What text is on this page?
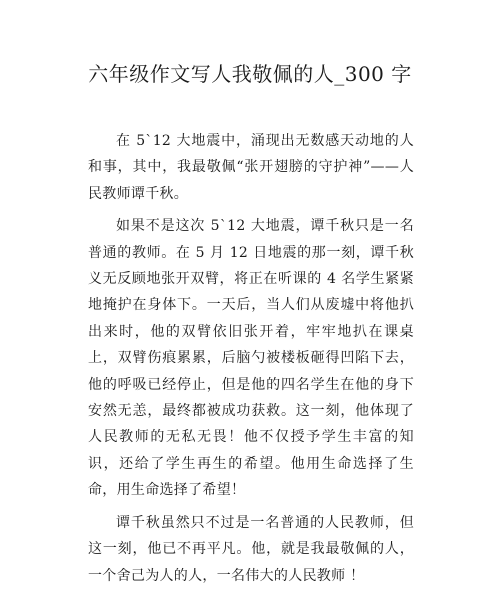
六年级作文写人我敬佩的人_300 字

在 5`12 大地震中，涌现出无数感天动地的人和事，其中，我最敬佩“张开翅膀的守护神”——人民教师谭千秋。

如果不是这次 5`12 大地震，谭千秋只是一名普通的教师。在 5 月 12 日地震的那一刻，谭千秋义无反顾地张开双臂，将正在听课的 4 名学生紧紧地掩护在身体下。一天后，当人们从废墟中将他扒出来时，他的双臂依旧张开着，牢牢地扒在课桌上，双臂伤痕累累，后脑勺被楼板砸得凹陷下去，他的呼吸已经停止，但是他的四名学生在他的身下安然无恙，最终都被成功获救。这一刻，他体现了人民教师的无私无畏！他不仅授予学生丰富的知识，还给了学生再生的希望。他用生命选择了生命，用生命选择了希望！

谭千秋虽然只不过是一名普通的人民教师，但这一刻，他已不再平凡。他，就是我最敬佩的人，一个舍己为人的人，一名伟大的人民教师 ！
